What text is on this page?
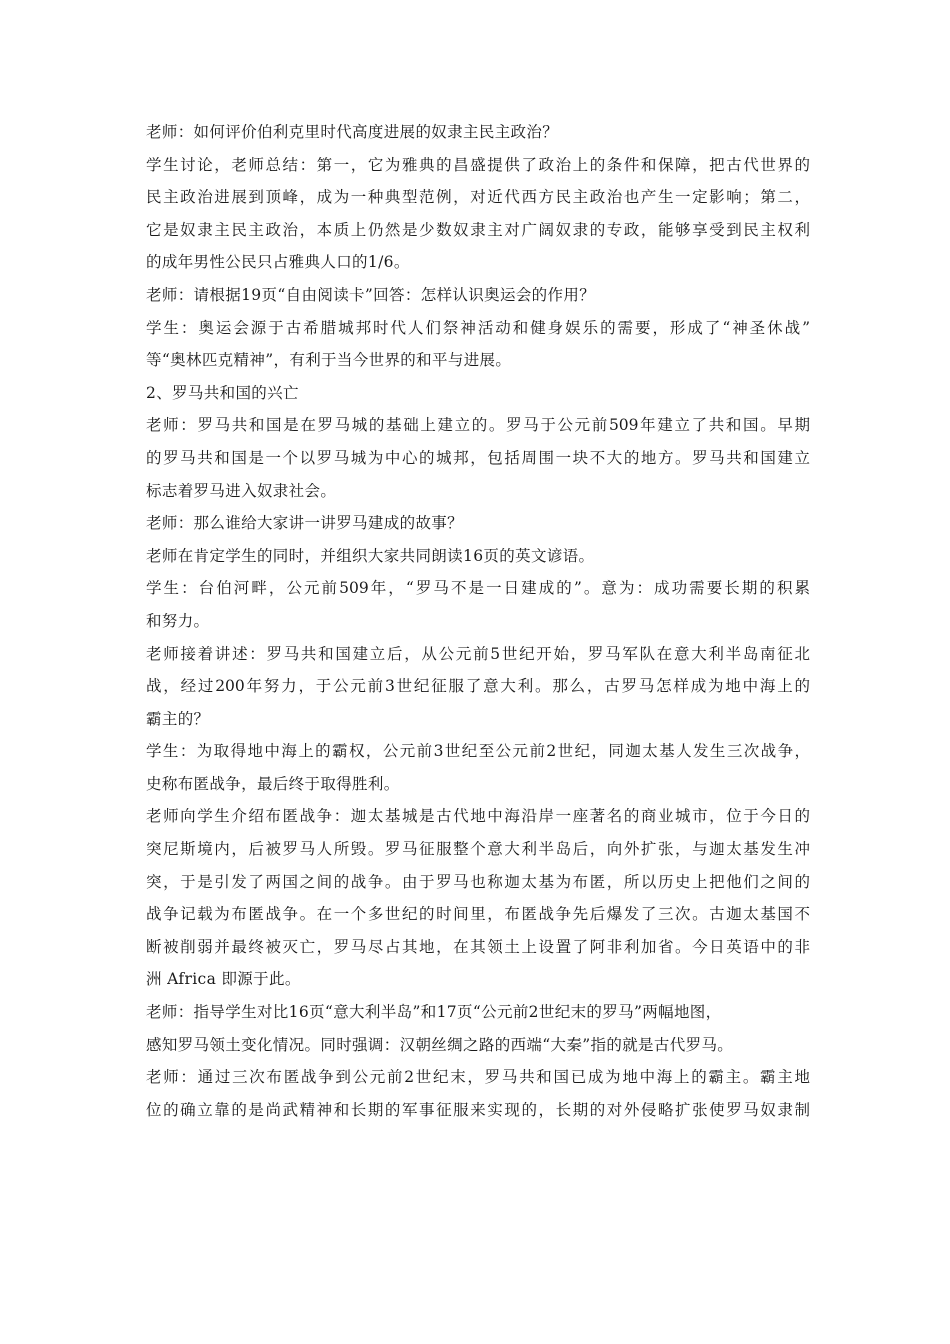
老师：如何评价伯利克里时代高度进展的奴隶主民主政治？
学生讨论，老师总结：第一，它为雅典的昌盛提供了政治上的条件和保障，把古代世界的
民主政治进展到顶峰，成为一种典型范例，对近代西方民主政治也产生一定影响；第二，
它是奴隶主民主政治，本质上仍然是少数奴隶主对广阔奴隶的专政，能够享受到民主权利
的成年男性公民只占雅典人口的1/6。
老师：请根据19页“自由阅读卡”回答：怎样认识奥运会的作用？
学生：奥运会源于古希腊城邦时代人们祭神活动和健身娱乐的需要，形成了“神圣休战”
等“奥林匹克精神”，有利于当今世界的和平与进展。
2、罗马共和国的兴亡
老师：罗马共和国是在罗马城的基础上建立的。罗马于公元前509年建立了共和国。早期
的罗马共和国是一个以罗马城为中心的城邦，包括周围一块不大的地方。罗马共和国建立
标志着罗马进入奴隶社会。
老师：那么谁给大家讲一讲罗马建成的故事？
老师在肯定学生的同时，并组织大家共同朗读16页的英文谚语。
学生：台伯河畔，公元前509年，“罗马不是一日建成的”。意为：成功需要长期的积累
和努力。
老师接着讲述：罗马共和国建立后，从公元前5世纪开始，罗马军队在意大利半岛南征北
战，经过200年努力，于公元前3世纪征服了意大利。那么，古罗马怎样成为地中海上的
霸主的？
学生：为取得地中海上的霸权，公元前3世纪至公元前2世纪，同迦太基人发生三次战争，
史称布匿战争，最后终于取得胜利。
老师向学生介绍布匿战争：迦太基城是古代地中海沿岸一座著名的商业城市，位于今日的
突尼斯境内，后被罗马人所毁。罗马征服整个意大利半岛后，向外扩张，与迦太基发生冲
突，于是引发了两国之间的战争。由于罗马也称迦太基为布匿，所以历史上把他们之间的
战争记载为布匿战争。在一个多世纪的时间里，布匿战争先后爆发了三次。古迦太基国不
断被削弱并最终被灭亡，罗马尽占其地，在其领土上设置了阿非利加省。今日英语中的非
洲 Africa 即源于此。
老师：指导学生对比16页“意大利半岛”和17页“公元前2世纪末的罗马”两幅地图，
感知罗马领土变化情况。同时强调：汉朝丝绸之路的西端“大秦”指的就是古代罗马。
老师：通过三次布匿战争到公元前2世纪末，罗马共和国已成为地中海上的霸主。霸主地
位的确立靠的是尚武精神和长期的军事征服来实现的，长期的对外侵略扩张使罗马奴隶制
